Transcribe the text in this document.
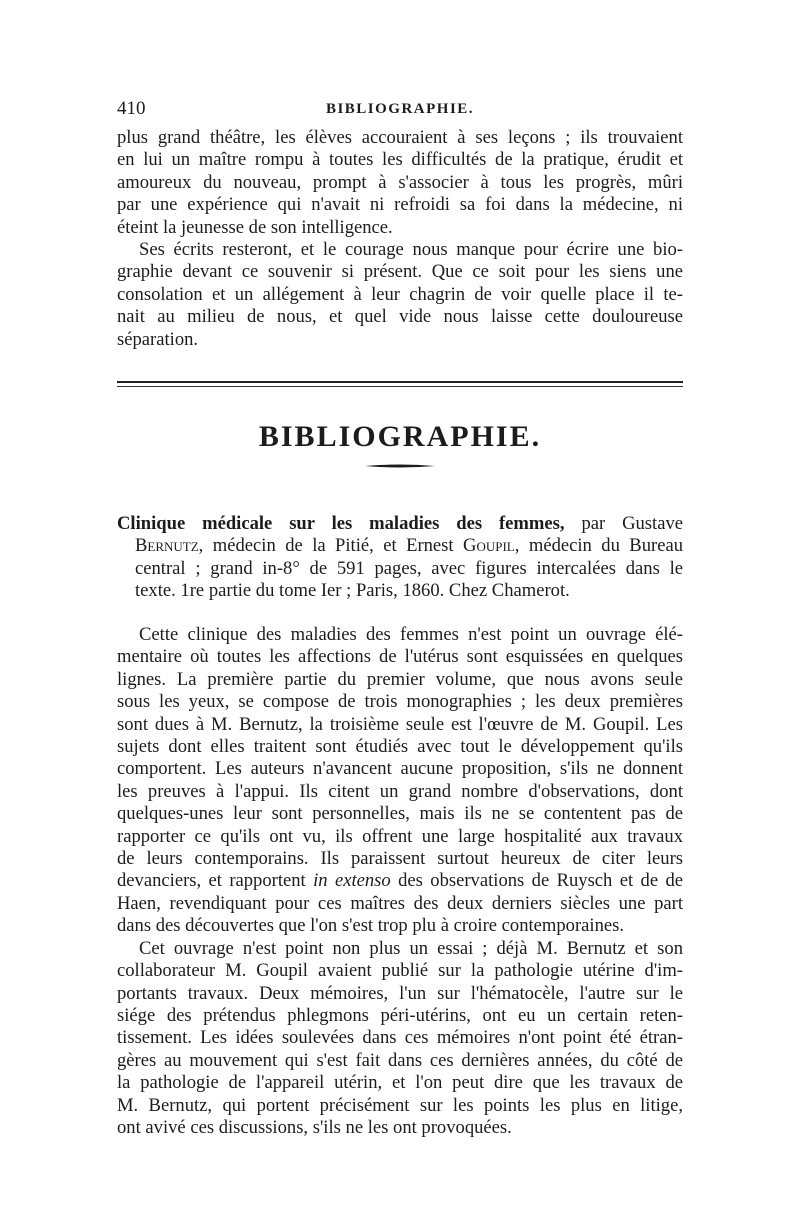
410	BIBLIOGRAPHIE.
plus grand théâtre, les élèves accouraient à ses leçons ; ils trouvaient
en lui un maître rompu à toutes les difficultés de la pratique, érudit et
amoureux du nouveau, prompt à s'associer à tous les progrès, mûri
par une expérience qui n'avait ni refroidi sa foi dans la médecine, ni
éteint la jeunesse de son intelligence.
Ses écrits resteront, et le courage nous manque pour écrire une bio-
graphie devant ce souvenir si présent. Que ce soit pour les siens une
consolation et un allégement à leur chagrin de voir quelle place il te-
nait au milieu de nous, et quel vide nous laisse cette douloureuse
séparation.
BIBLIOGRAPHIE.
Clinique médicale sur les maladies des femmes, par Gustave
Bernutz, médecin de la Pitié, et Ernest Goupil, médecin du Bureau
central ; grand in-8° de 591 pages, avec figures intercalées dans le
texte. 1re partie du tome Ier ; Paris, 1860. Chez Chamerot.
Cette clinique des maladies des femmes n'est point un ouvrage élé-
mentaire où toutes les affections de l'utérus sont esquissées en quelques
lignes. La première partie du premier volume, que nous avons seule
sous les yeux, se compose de trois monographies ; les deux premières
sont dues à M. Bernutz, la troisième seule est l'œuvre de M. Goupil. Les
sujets dont elles traitent sont étudiés avec tout le développement qu'ils
comportent. Les auteurs n'avancent aucune proposition, s'ils ne donnent
les preuves à l'appui. Ils citent un grand nombre d'observations, dont
quelques-unes leur sont personnelles, mais ils ne se contentent pas de
rapporter ce qu'ils ont vu, ils offrent une large hospitalité aux travaux
de leurs contemporains. Ils paraissent surtout heureux de citer leurs
devanciers, et rapportent in extenso des observations de Ruysch et de de
Haen, revendiquant pour ces maîtres des deux derniers siècles une part
dans des découvertes que l'on s'est trop plu à croire contemporaines.
Cet ouvrage n'est point non plus un essai ; déjà M. Bernutz et son
collaborateur M. Goupil avaient publié sur la pathologie utérine d'im-
portants travaux. Deux mémoires, l'un sur l'hématocèle, l'autre sur le
siége des prétendus phlegmons péri-utérins, ont eu un certain reten-
tissement. Les idées soulevées dans ces mémoires n'ont point été étran-
gères au mouvement qui s'est fait dans ces dernières années, du côté de
la pathologie de l'appareil utérin, et l'on peut dire que les travaux de
M. Bernutz, qui portent précisément sur les points les plus en litige,
ont avivé ces discussions, s'ils ne les ont provoquées.
